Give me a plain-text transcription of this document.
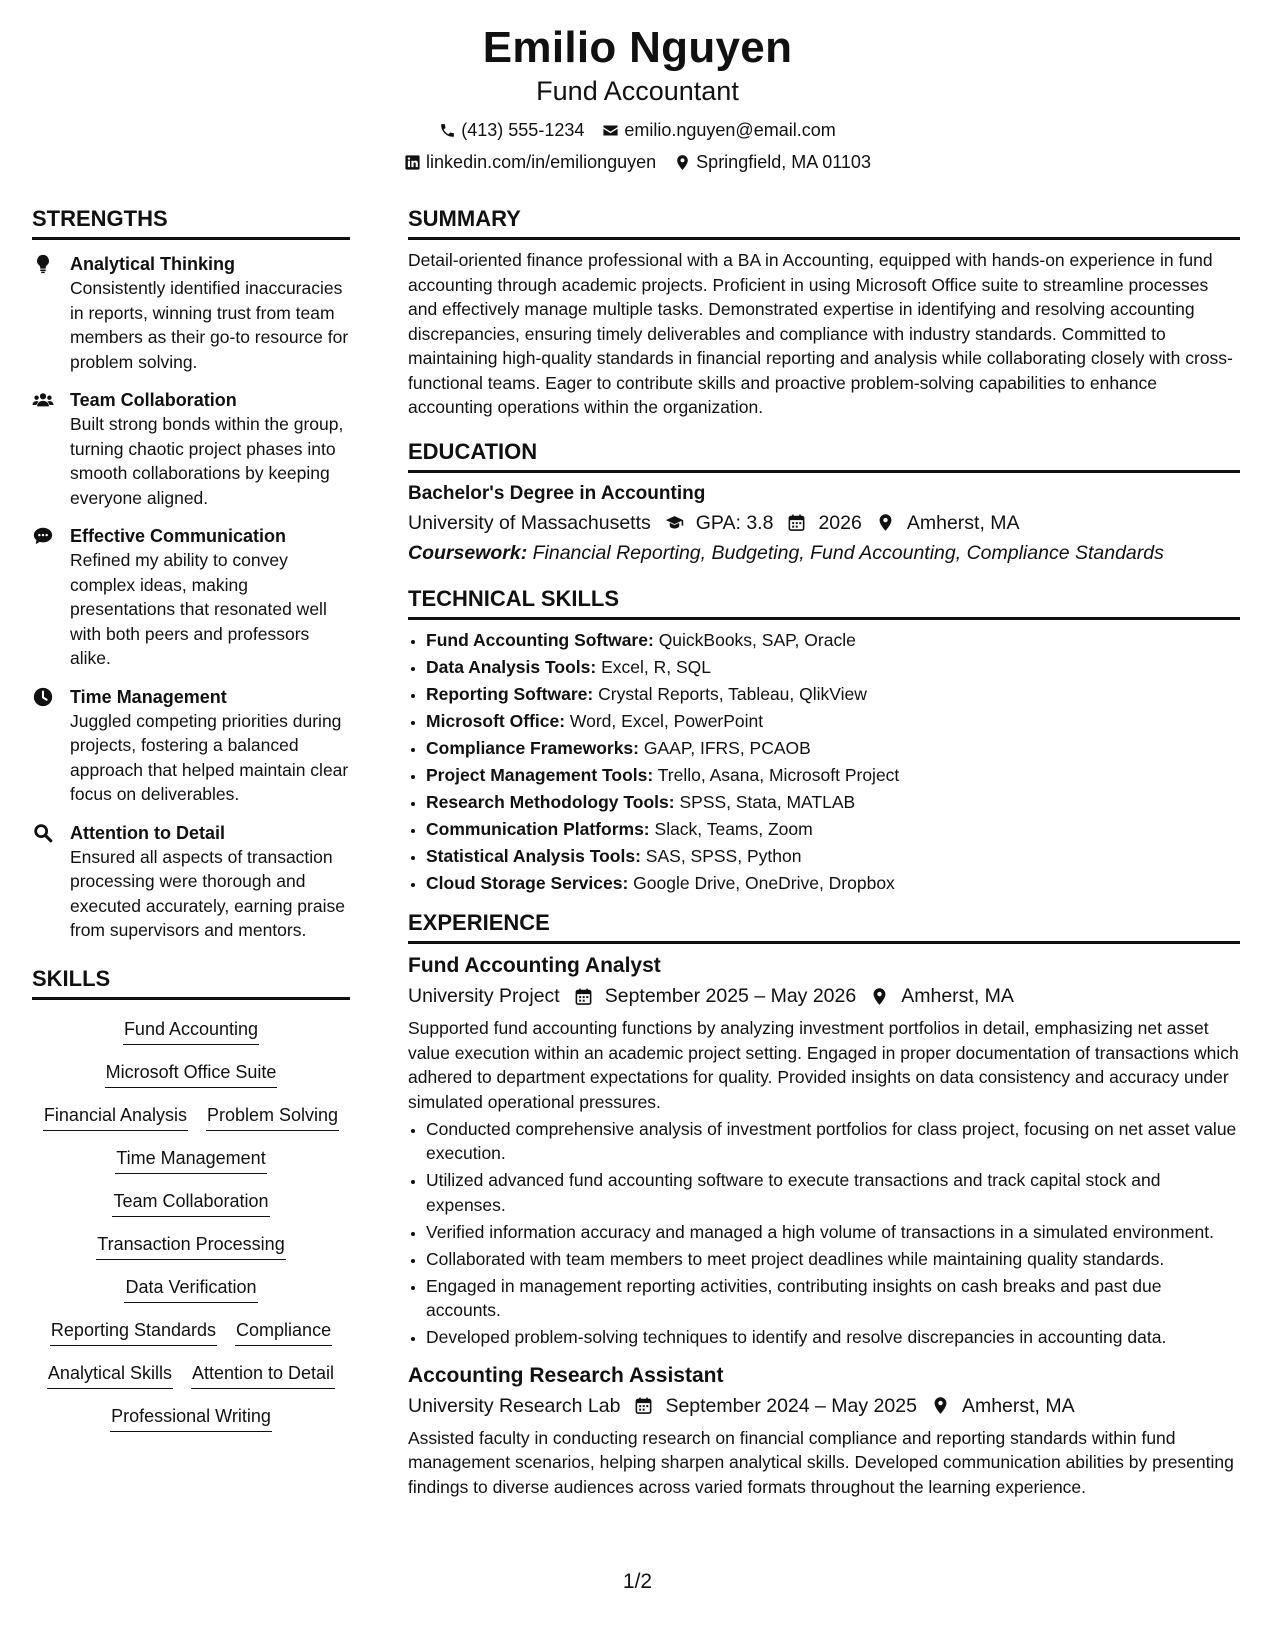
Emilio Nguyen
Fund Accountant
(413) 555-1234 emilio.nguyen@email.com
linkedin.com/in/emilionguyen Springfield, MA 01103
STRENGTHS
Analytical Thinking
Consistently identified inaccuracies in reports, winning trust from team members as their go-to resource for problem solving.
Team Collaboration
Built strong bonds within the group, turning chaotic project phases into smooth collaborations by keeping everyone aligned.
Effective Communication
Refined my ability to convey complex ideas, making presentations that resonated well with both peers and professors alike.
Time Management
Juggled competing priorities during projects, fostering a balanced approach that helped maintain clear focus on deliverables.
Attention to Detail
Ensured all aspects of transaction processing were thorough and executed accurately, earning praise from supervisors and mentors.
SKILLS
Fund Accounting
Microsoft Office Suite
Financial Analysis Problem Solving
Time Management
Team Collaboration
Transaction Processing
Data Verification
Reporting Standards Compliance
Analytical Skills Attention to Detail
Professional Writing
SUMMARY
Detail-oriented finance professional with a BA in Accounting, equipped with hands-on experience in fund accounting through academic projects. Proficient in using Microsoft Office suite to streamline processes and effectively manage multiple tasks. Demonstrated expertise in identifying and resolving accounting discrepancies, ensuring timely deliverables and compliance with industry standards. Committed to maintaining high-quality standards in financial reporting and analysis while collaborating closely with cross-functional teams. Eager to contribute skills and proactive problem-solving capabilities to enhance accounting operations within the organization.
EDUCATION
Bachelor's Degree in Accounting
University of Massachusetts GPA: 3.8 2026 Amherst, MA
Coursework: Financial Reporting, Budgeting, Fund Accounting, Compliance Standards
TECHNICAL SKILLS
• Fund Accounting Software: QuickBooks, SAP, Oracle
• Data Analysis Tools: Excel, R, SQL
• Reporting Software: Crystal Reports, Tableau, QlikView
• Microsoft Office: Word, Excel, PowerPoint
• Compliance Frameworks: GAAP, IFRS, PCAOB
• Project Management Tools: Trello, Asana, Microsoft Project
• Research Methodology Tools: SPSS, Stata, MATLAB
• Communication Platforms: Slack, Teams, Zoom
• Statistical Analysis Tools: SAS, SPSS, Python
• Cloud Storage Services: Google Drive, OneDrive, Dropbox
EXPERIENCE
Fund Accounting Analyst
University Project September 2025 – May 2026 Amherst, MA
Supported fund accounting functions by analyzing investment portfolios in detail, emphasizing net asset value execution within an academic project setting. Engaged in proper documentation of transactions which adhered to department expectations for quality. Provided insights on data consistency and accuracy under simulated operational pressures.
• Conducted comprehensive analysis of investment portfolios for class project, focusing on net asset value execution.
• Utilized advanced fund accounting software to execute transactions and track capital stock and expenses.
• Verified information accuracy and managed a high volume of transactions in a simulated environment.
• Collaborated with team members to meet project deadlines while maintaining quality standards.
• Engaged in management reporting activities, contributing insights on cash breaks and past due accounts.
• Developed problem-solving techniques to identify and resolve discrepancies in accounting data.
Accounting Research Assistant
University Research Lab September 2024 – May 2025 Amherst, MA
Assisted faculty in conducting research on financial compliance and reporting standards within fund management scenarios, helping sharpen analytical skills. Developed communication abilities by presenting findings to diverse audiences across varied formats throughout the learning experience.
1/2
